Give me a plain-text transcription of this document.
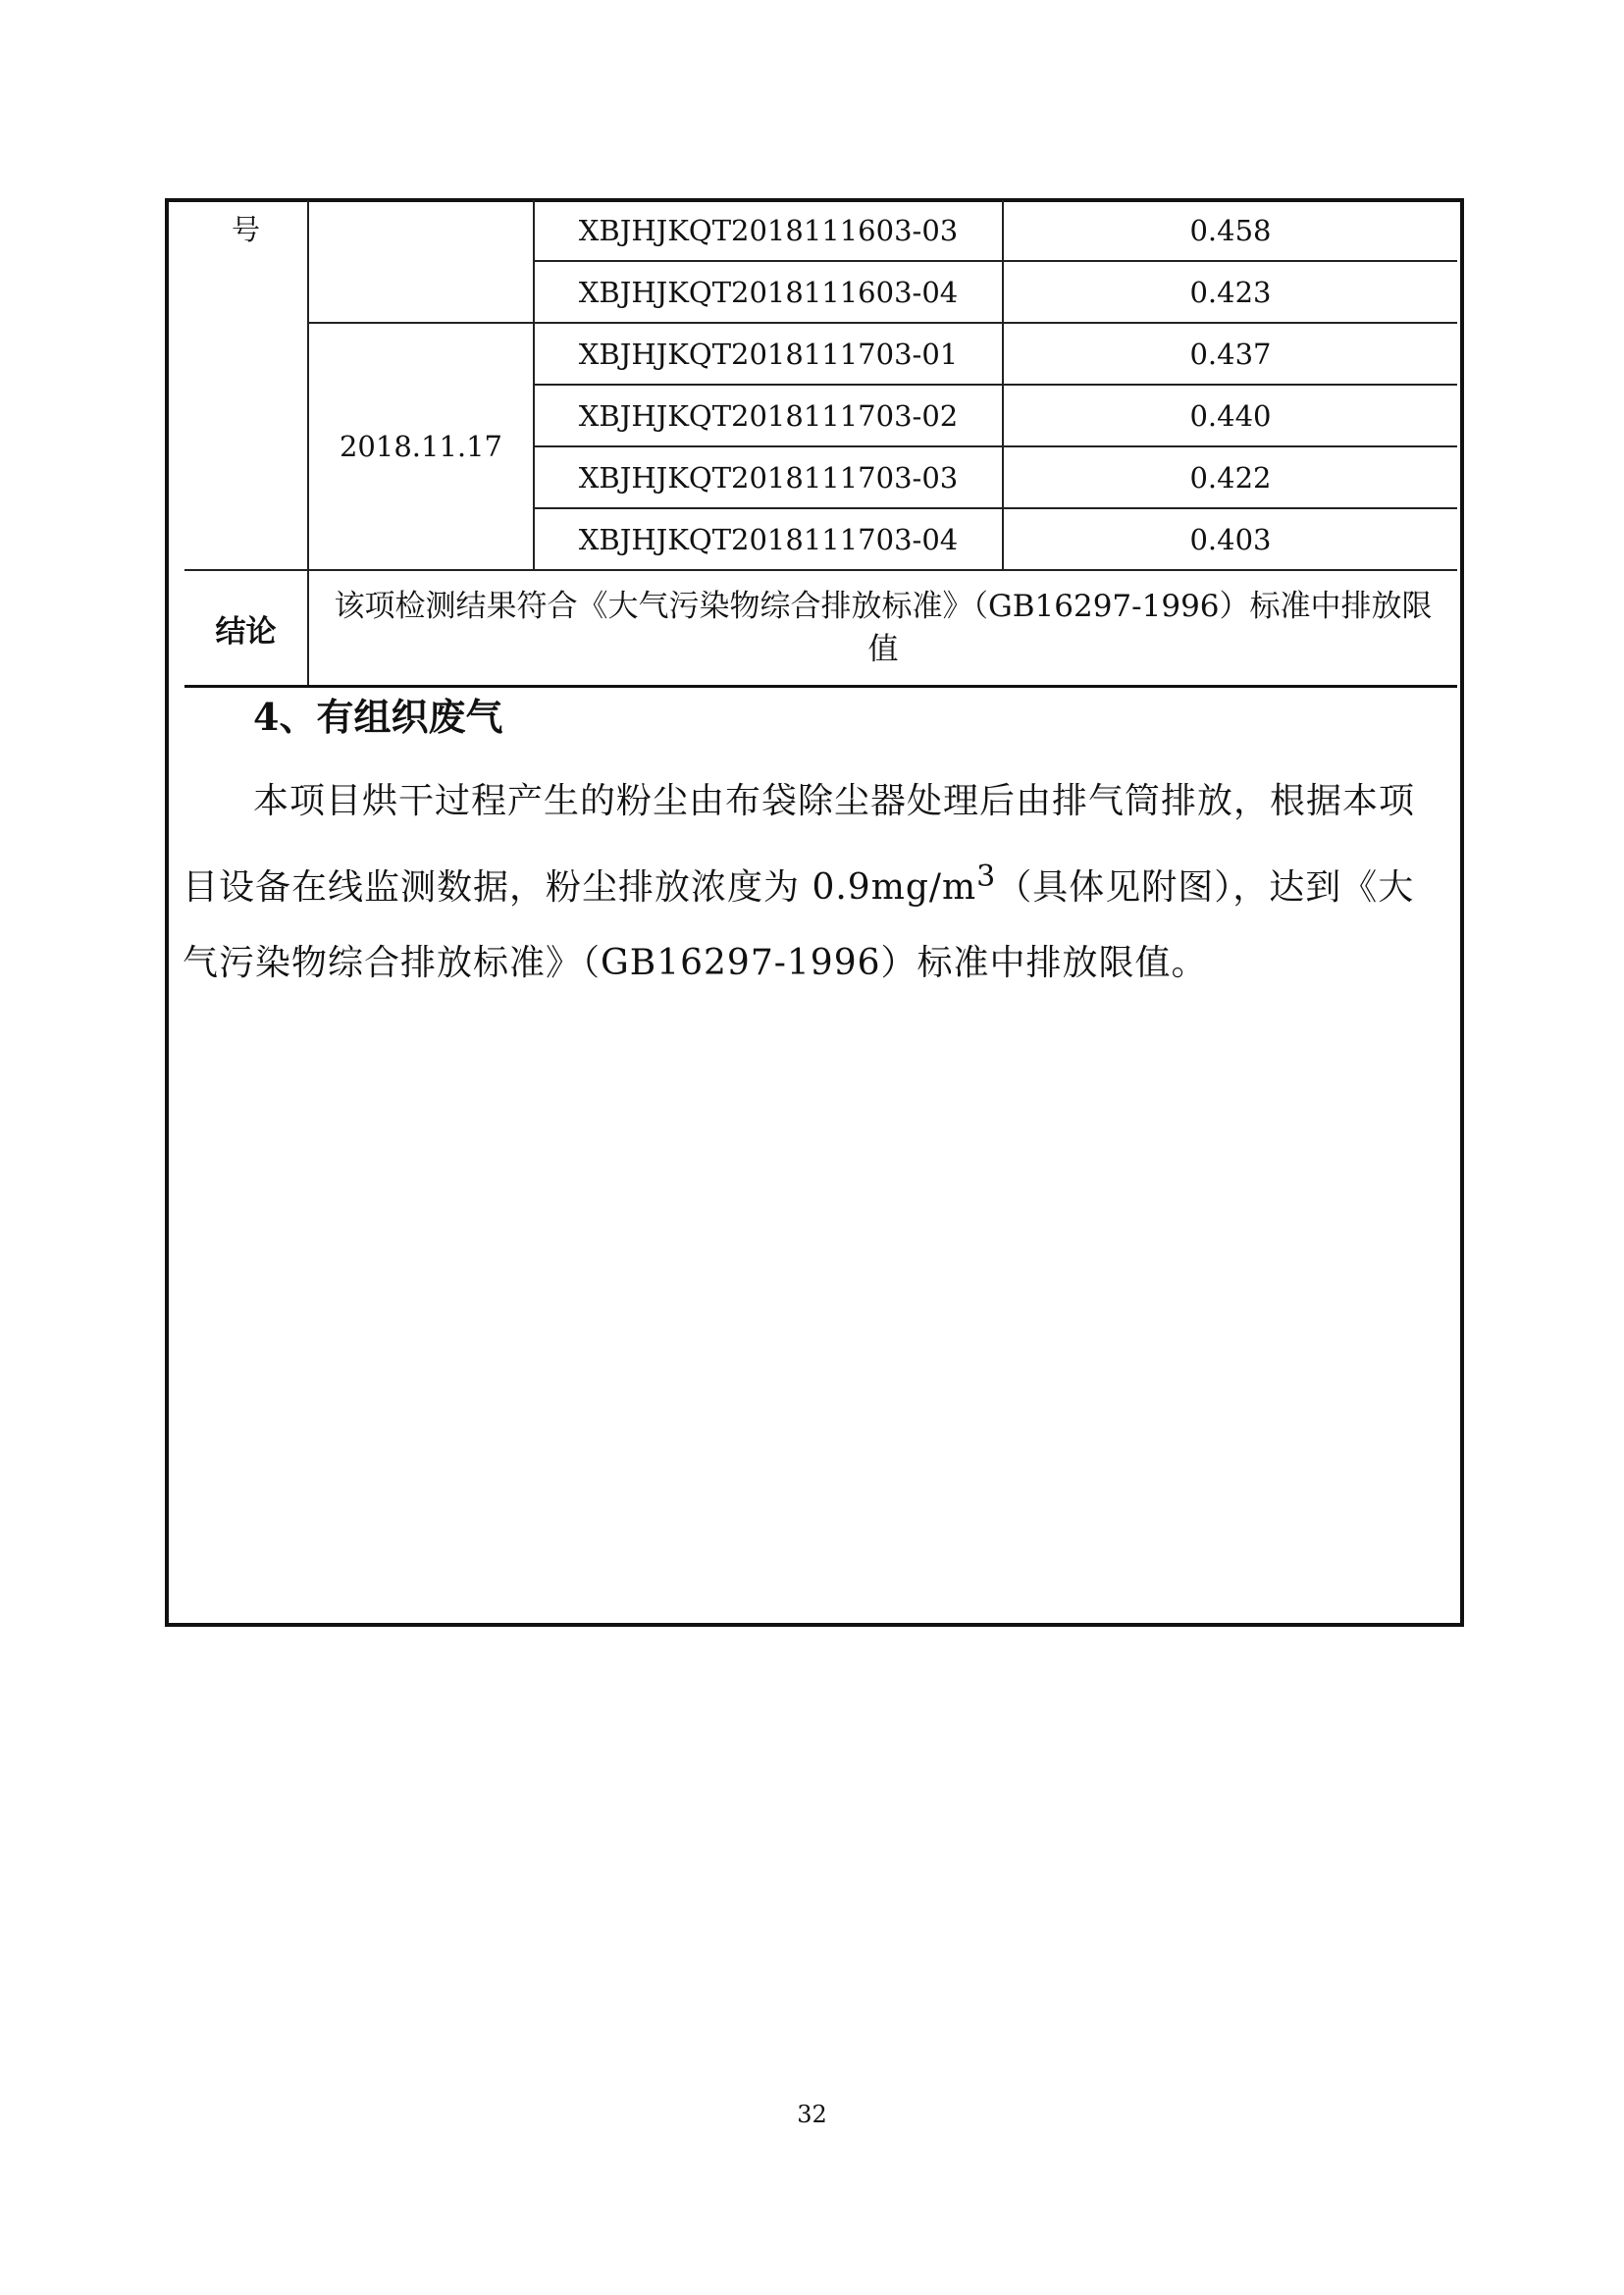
号		XBJHJKQT2018111603-03	0.458
		XBJHJKQT2018111603-04	0.423
	2018.11.17	XBJHJKQT2018111703-01	0.437
		XBJHJKQT2018111703-02	0.440
		XBJHJKQT2018111703-03	0.422
		XBJHJKQT2018111703-04	0.403
结论	该项检测结果符合《大气污染物综合排放标准》（GB16297-1996）标准中排放限值		
4、有组织废气

本项目烘干过程产生的粉尘由布袋除尘器处理后由排气筒排放，根据本项目设备在线监测数据，粉尘排放浓度为 $0.9mg/m^3$（具体见附图），达到《大气污染物综合排放标准》（GB16297-1996）标准中排放限值。

32
